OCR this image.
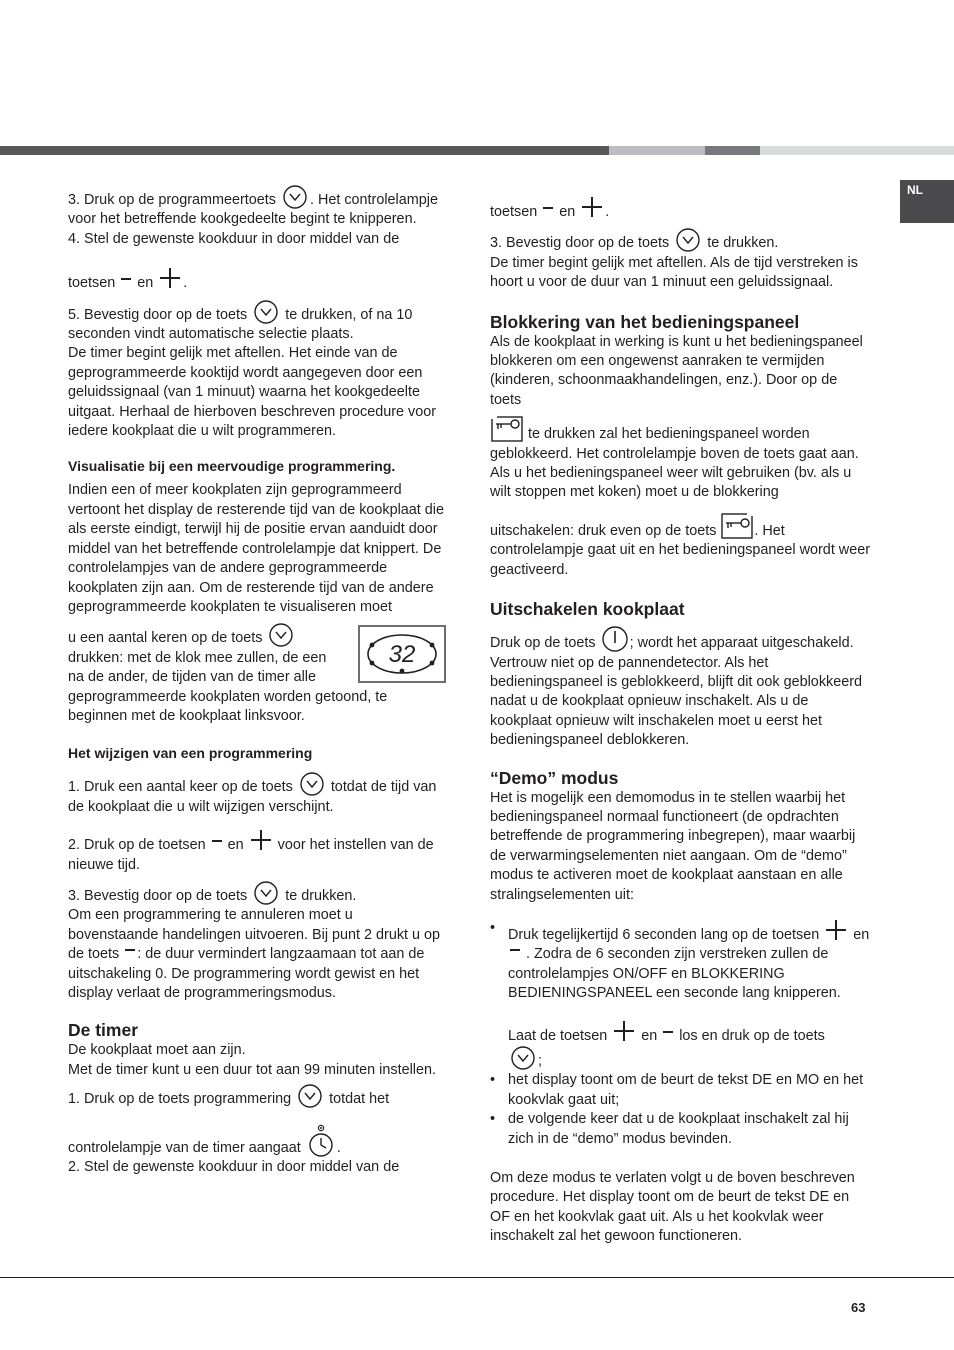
NL

3. Druk op de programmeertoets . Het controlelampje voor het betreffende kookgedeelte begint te knipperen.

4. Stel de gewenste kookduur in door middel van de

toetsen en .

5. Bevestig door op de toets	te drukken, of na 10 seconden vindt automatische selectie plaats.

De timer begint gelijk met aftellen. Het einde van de geprogrammeerde kooktijd wordt aangegeven door een geluidssignaal (van 1 minuut) waarna het kookgedeelte uitgaat. Herhaal de hierboven beschreven procedure voor iedere kookplaat die u wilt programmeren.

Visualisatie bij een meervoudige programmering.

Indien een of meer kookplaten zijn geprogrammeerd vertoont het display de resterende tijd van de kookplaat die als eerste eindigt, terwijl hij de positie ervan aanduidt door middel van het betreffende controlelampje dat knippert. De controlelampjes van de andere geprogrammeerde kookplaten zijn aan. Om de resterende tijd van de andere geprogrammeerde kookplaten te visualiseren moet

32

u een aantal keren op de toets  drukken: met de klok mee zullen, de een na de ander, de tijden van de timer alle geprogrammeerde kookplaten worden getoond, te beginnen met de kookplaat linksvoor.

Het wijzigen van een programmering

1. Druk een aantal keer op de toets	totdat de tijd van de kookplaat die u wilt wijzigen verschijnt.

2. Druk op de toetsen en voor het instellen van de nieuwe tijd.

3. Bevestig door op de toets	te drukken.

Om een programmering te annuleren moet u bovenstaande handelingen uitvoeren. Bij punt 2 drukt u op de toets : de duur vermindert langzaamaan tot aan de uitschakeling 0. De programmering wordt gewist en het display verlaat de programmeringsmodus.

De timer

De kookplaat moet aan zijn.

Met de timer kunt u een duur tot aan 99 minuten instellen.

1. Druk op de toets programmering	totdat het

controlelampje van de timer aangaat	.

2. Stel de gewenste kookduur in door middel van de

toetsen en .

3. Bevestig door op de toets	te drukken.

De timer begint gelijk met aftellen. Als de tijd verstreken is hoort u voor de duur van 1 minuut een geluidssignaal.

Blokkering van het bedieningspaneel

Als de kookplaat in werking is kunt u het bedieningspaneel blokkeren om een ongewenst aanraken te vermijden (kinderen, schoonmaakhandelingen, enz.). Door op de toets

te drukken zal het bedieningspaneel worden geblokkeerd. Het controlelampje boven de toets gaat aan.

Als u het bedieningspaneel weer wilt gebruiken (bv. als u wilt stoppen met koken) moet u de blokkering

uitschakelen: druk even op de toets	. Het controlelampje gaat uit en het bedieningspaneel wordt weer geactiveerd.

Uitschakelen kookplaat

Druk op de toets ; wordt het apparaat uitgeschakeld. Vertrouw niet op de pannendetector. Als het bedieningspaneel is geblokkeerd, blijft dit ook geblokkeerd nadat u de kookplaat opnieuw inschakelt. Als u de kookplaat opnieuw wilt inschakelen moet u eerst het bedieningspaneel deblokkeren.

“Demo” modus

Het is mogelijk een demomodus in te stellen waarbij het bedieningspaneel normaal functioneert (de opdrachten betreffende de programmering inbegrepen), maar waarbij de verwarmingselementen niet aangaan. Om de “demo” modus te activeren moet de kookplaat aanstaan en alle stralingselementen uit:

• Druk tegelijkertijd 6 seconden lang op de toetsen en  . Zodra de 6 seconden zijn verstreken zullen de controlelampjes ON/OFF en BLOKKERING BEDIENINGSPANEEL een seconde lang knipperen.
Laat de toetsen en los en druk op de toets
;
• het display toont om de beurt de tekst DE en MO en het kookvlak gaat uit;
• de volgende keer dat u de kookplaat inschakelt zal hij zich in de “demo” modus bevinden.

Om deze modus te verlaten volgt u de boven beschreven procedure. Het display toont om de beurt de tekst DE en OF en het kookvlak gaat uit. Als u het kookvlak weer inschakelt zal het gewoon functioneren.

63
